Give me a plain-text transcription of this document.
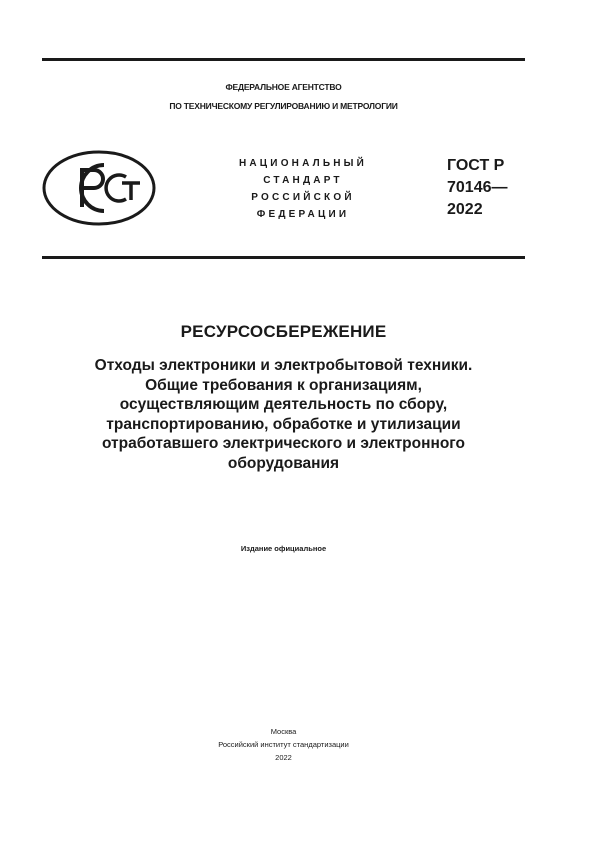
ФЕДЕРАЛЬНОЕ АГЕНТСТВО
ПО ТЕХНИЧЕСКОМУ РЕГУЛИРОВАНИЮ И МЕТРОЛОГИИ
НАЦИОНАЛЬНЫЙ
СТАНДАРТ
РОССИЙСКОЙ
ФЕДЕРАЦИИ
ГОСТ Р
70146—
2022
РЕСУРСОСБЕРЕЖЕНИЕ
Отходы электроники и электробытовой техники.
Общие требования к организациям,
осуществляющим деятельность по сбору,
транспортированию, обработке и утилизации
отработавшего электрического и электронного
оборудования
Издание официальное
Москва
Российский институт стандартизации
2022
